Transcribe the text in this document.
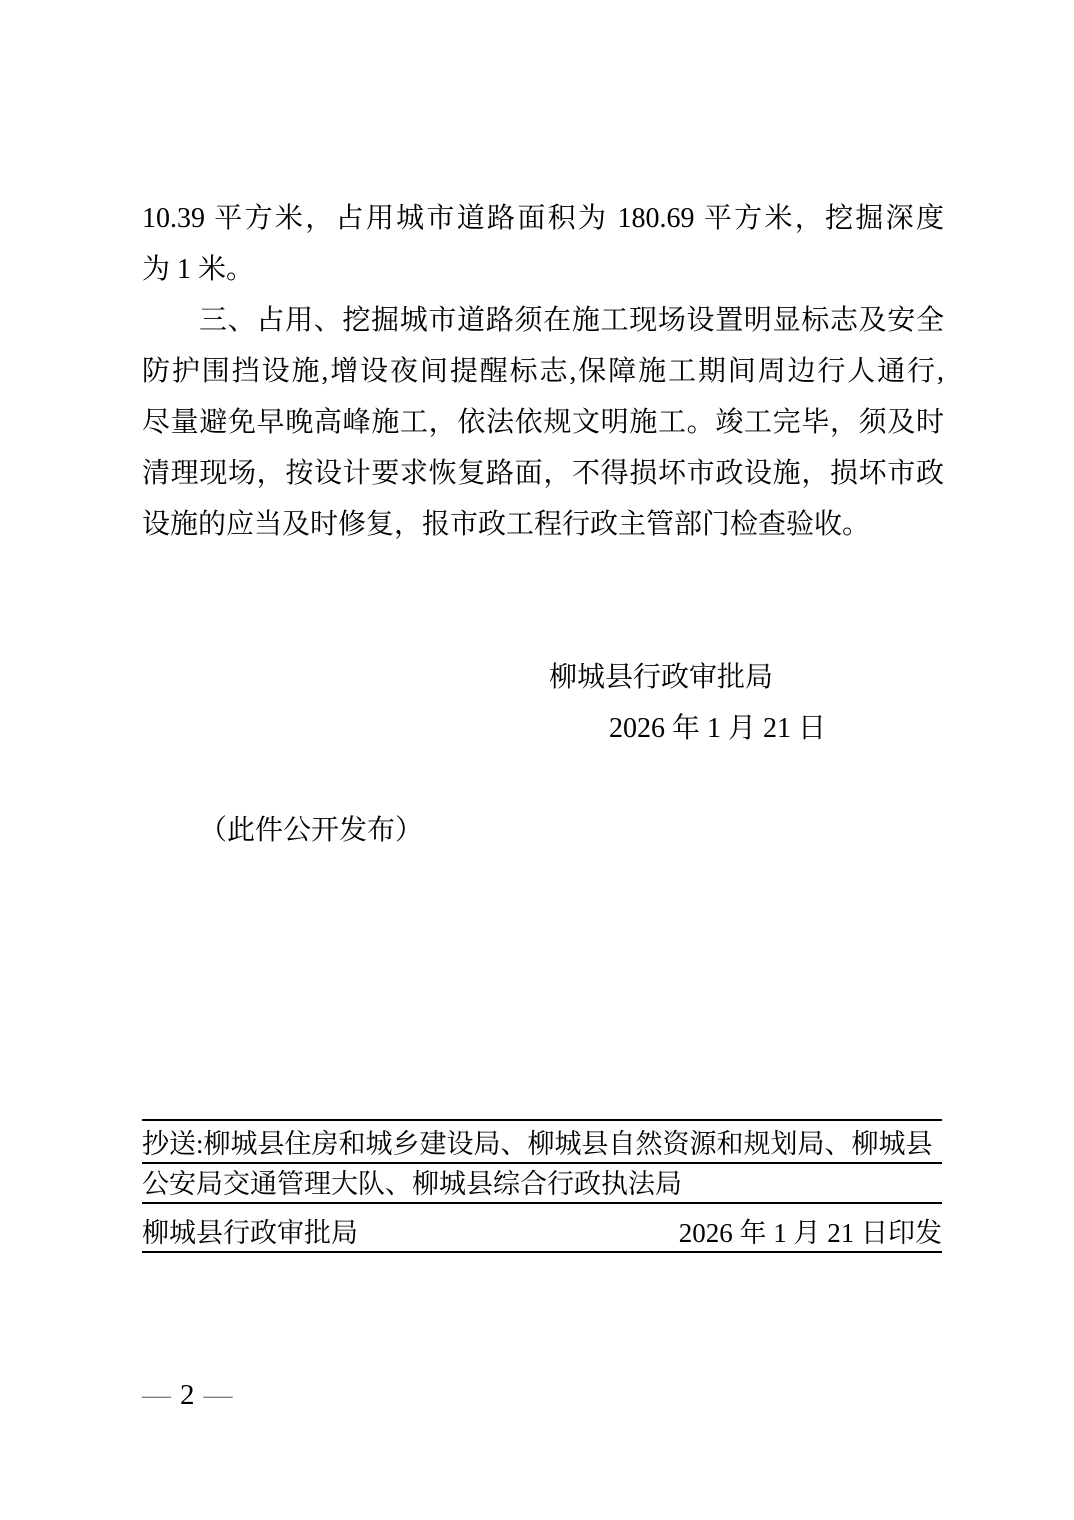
10.39 平方米，占用城市道路面积为 180.69 平方米，挖掘深度
为 1 米。
三、占用、挖掘城市道路须在施工现场设置明显标志及安全
防护围挡设施,增设夜间提醒标志,保障施工期间周边行人通行,
尽量避免早晚高峰施工，依法依规文明施工。竣工完毕，须及时
清理现场，按设计要求恢复路面，不得损坏市政设施，损坏市政
设施的应当及时修复，报市政工程行政主管部门检查验收。
柳城县行政审批局
2026 年 1 月 21 日
（此件公开发布）
抄送:柳城县住房和城乡建设局、柳城县自然资源和规划局、柳城县
公安局交通管理大队、柳城县综合行政执法局
柳城县行政审批局	2026 年 1 月 21 日印发
— 2 —
